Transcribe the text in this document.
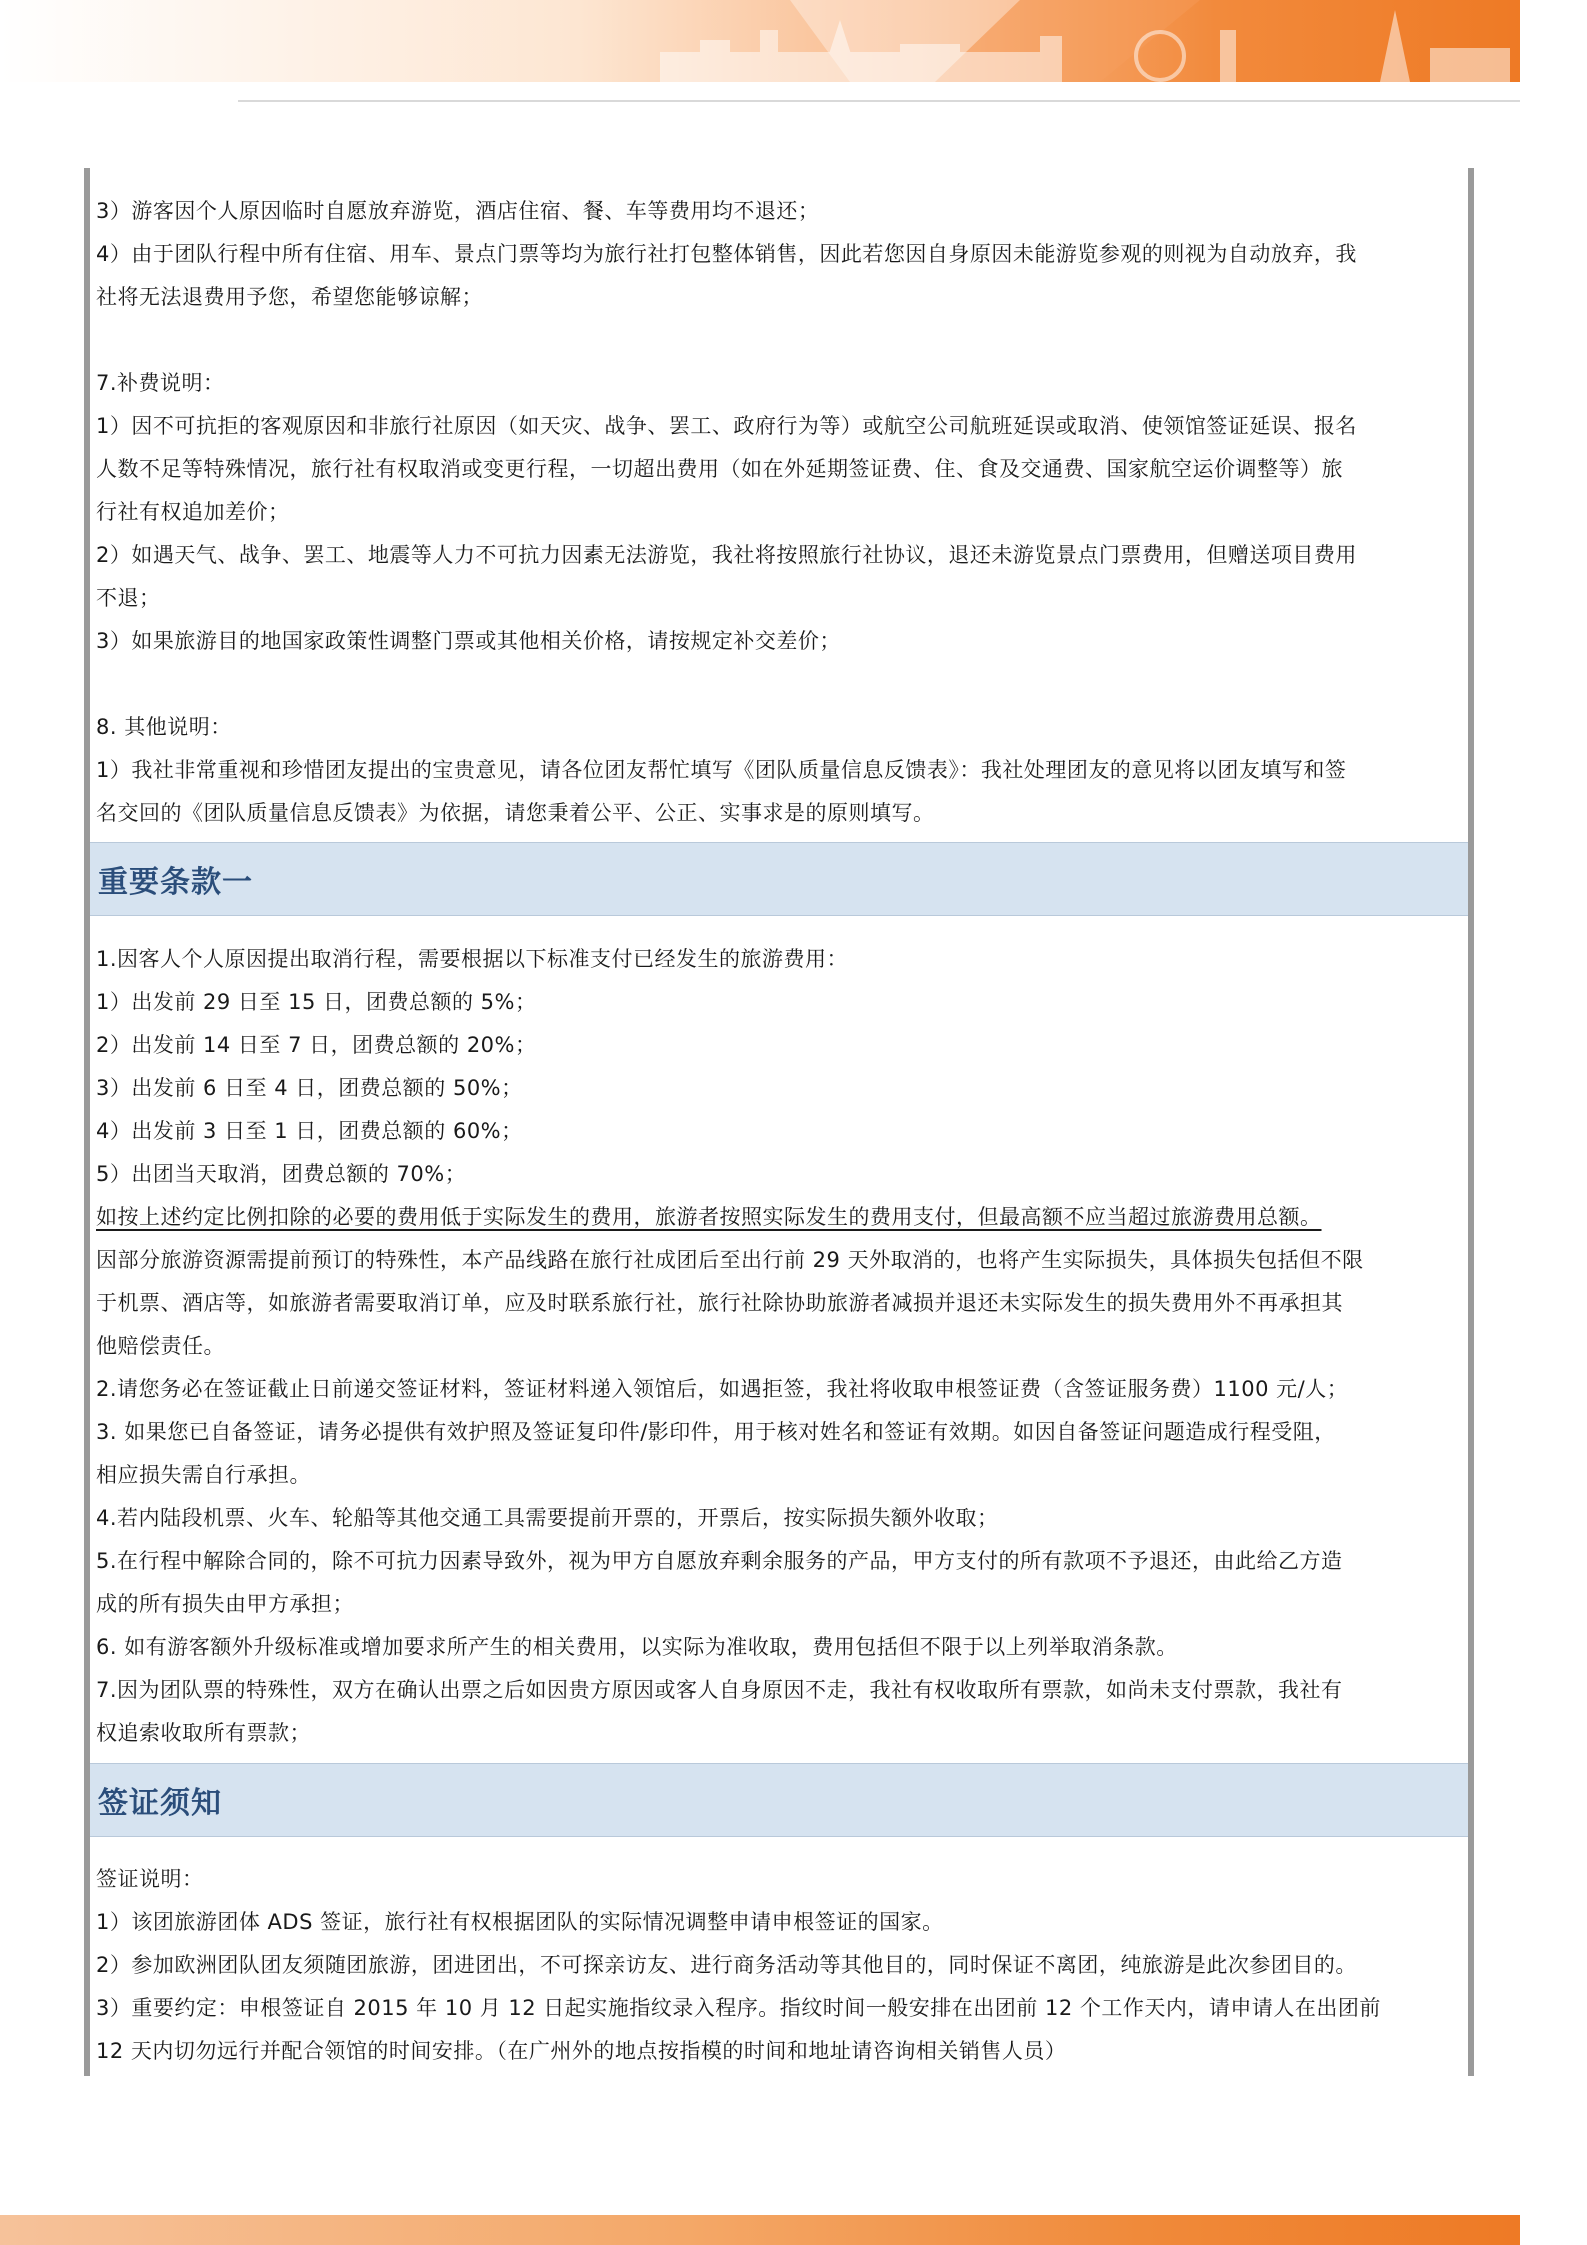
3）游客因个人原因临时自愿放弃游览，酒店住宿、餐、车等费用均不退还；
4）由于团队行程中所有住宿、用车、景点门票等均为旅行社打包整体销售，因此若您因自身原因未能游览参观的则视为自动放弃，我
社将无法退费用予您，希望您能够谅解；
7.补费说明：
1）因不可抗拒的客观原因和非旅行社原因（如天灾、战争、罢工、政府行为等）或航空公司航班延误或取消、使领馆签证延误、报名
人数不足等特殊情况，旅行社有权取消或变更行程，一切超出费用（如在外延期签证费、住、食及交通费、国家航空运价调整等）旅
行社有权追加差价；
2）如遇天气、战争、罢工、地震等人力不可抗力因素无法游览，我社将按照旅行社协议，退还未游览景点门票费用，但赠送项目费用
不退；
3）如果旅游目的地国家政策性调整门票或其他相关价格，请按规定补交差价；
8. 其他说明：
1）我社非常重视和珍惜团友提出的宝贵意见，请各位团友帮忙填写《团队质量信息反馈表》：我社处理团友的意见将以团友填写和签
名交回的《团队质量信息反馈表》为依据，请您秉着公平、公正、实事求是的原则填写。
重要条款一
1.因客人个人原因提出取消行程，需要根据以下标准支付已经发生的旅游费用：
1）出发前 29 日至 15 日，团费总额的 5%；
2）出发前 14 日至 7 日，团费总额的 20%；
3）出发前 6 日至 4 日，团费总额的 50%；
4）出发前 3 日至 1 日，团费总额的 60%；
5）出团当天取消，团费总额的 70%；
如按上述约定比例扣除的必要的费用低于实际发生的费用，旅游者按照实际发生的费用支付，但最高额不应当超过旅游费用总额。
因部分旅游资源需提前预订的特殊性，本产品线路在旅行社成团后至出行前 29 天外取消的，也将产生实际损失，具体损失包括但不限
于机票、酒店等，如旅游者需要取消订单，应及时联系旅行社，旅行社除协助旅游者减损并退还未实际发生的损失费用外不再承担其
他赔偿责任。
2.请您务必在签证截止日前递交签证材料，签证材料递入领馆后，如遇拒签，我社将收取申根签证费（含签证服务费）1100 元/人；
3. 如果您已自备签证，请务必提供有效护照及签证复印件/影印件，用于核对姓名和签证有效期。如因自备签证问题造成行程受阻，
相应损失需自行承担。
4.若内陆段机票、火车、轮船等其他交通工具需要提前开票的，开票后，按实际损失额外收取；
5.在行程中解除合同的，除不可抗力因素导致外，视为甲方自愿放弃剩余服务的产品，甲方支付的所有款项不予退还，由此给乙方造
成的所有损失由甲方承担；
6. 如有游客额外升级标准或增加要求所产生的相关费用，以实际为准收取，费用包括但不限于以上列举取消条款。
7.因为团队票的特殊性，双方在确认出票之后如因贵方原因或客人自身原因不走，我社有权收取所有票款，如尚未支付票款，我社有
权追索收取所有票款；
签证须知
签证说明：
1）该团旅游团体 ADS 签证，旅行社有权根据团队的实际情况调整申请申根签证的国家。
2）参加欧洲团队团友须随团旅游，团进团出，不可探亲访友、进行商务活动等其他目的，同时保证不离团，纯旅游是此次参团目的。
3）重要约定：申根签证自 2015 年 10 月 12 日起实施指纹录入程序。指纹时间一般安排在出团前 12 个工作天内，请申请人在出团前
12 天内切勿远行并配合领馆的时间安排。（在广州外的地点按指模的时间和地址请咨询相关销售人员）
